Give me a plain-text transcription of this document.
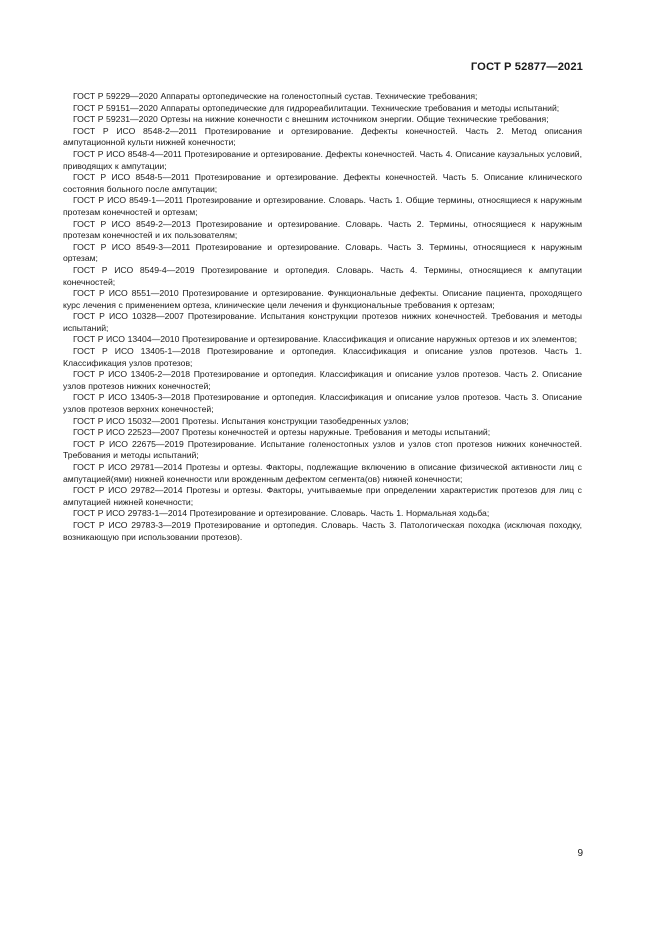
ГОСТ Р 52877—2021

ГОСТ Р 59229—2020 Аппараты ортопедические на голеностопный сустав. Технические требования;

ГОСТ Р 59151—2020 Аппараты ортопедические для гидрореабилитации. Технические требования и методы испытаний;

ГОСТ Р 59231—2020 Ортезы на нижние конечности с внешним источником энергии. Общие технические требования;

ГОСТ Р ИСО 8548-2—2011 Протезирование и ортезирование. Дефекты конечностей. Часть 2. Метод описания ампутационной культи нижней конечности;

ГОСТ Р ИСО 8548-4—2011 Протезирование и ортезирование. Дефекты конечностей. Часть 4. Описание каузальных условий, приводящих к ампутации;

ГОСТ Р ИСО 8548-5—2011 Протезирование и ортезирование. Дефекты конечностей. Часть 5. Описание клинического состояния больного после ампутации;

ГОСТ Р ИСО 8549-1—2011 Протезирование и ортезирование. Словарь. Часть 1. Общие термины, относящиеся к наружным протезам конечностей и ортезам;

ГОСТ Р ИСО 8549-2—2013 Протезирование и ортезирование. Словарь. Часть 2. Термины, относящиеся к наружным протезам конечностей и их пользователям;

ГОСТ Р ИСО 8549-3—2011 Протезирование и ортезирование. Словарь. Часть 3. Термины, относящиеся к наружным ортезам;

ГОСТ Р ИСО 8549-4—2019 Протезирование и ортопедия. Словарь. Часть 4. Термины, относящиеся к ампутации конечностей;

ГОСТ Р ИСО 8551—2010 Протезирование и ортезирование. Функциональные дефекты. Описание пациента, проходящего курс лечения с применением ортеза, клинические цели лечения и функциональные требования к ортезам;

ГОСТ Р ИСО 10328—2007 Протезирование. Испытания конструкции протезов нижних конечностей. Требования и методы испытаний;

ГОСТ Р ИСО 13404—2010 Протезирование и ортезирование. Классификация и описание наружных ортезов и их элементов;

ГОСТ Р ИСО 13405-1—2018 Протезирование и ортопедия. Классификация и описание узлов протезов. Часть 1. Классификация узлов протезов;

ГОСТ Р ИСО 13405-2—2018 Протезирование и ортопедия. Классификация и описание узлов протезов. Часть 2. Описание узлов протезов нижних конечностей;

ГОСТ Р ИСО 13405-3—2018 Протезирование и ортопедия. Классификация и описание узлов протезов. Часть 3. Описание узлов протезов верхних конечностей;

ГОСТ Р ИСО 15032—2001 Протезы. Испытания конструкции тазобедренных узлов;

ГОСТ Р ИСО 22523—2007 Протезы конечностей и ортезы наружные. Требования и методы испытаний;

ГОСТ Р ИСО 22675—2019 Протезирование. Испытание голеностопных узлов и узлов стоп протезов нижних конечностей. Требования и методы испытаний;

ГОСТ Р ИСО 29781—2014 Протезы и ортезы. Факторы, подлежащие включению в описание физической активности лиц с ампутацией(ями) нижней конечности или врожденным дефектом сегмента(ов) нижней конечности;

ГОСТ Р ИСО 29782—2014 Протезы и ортезы. Факторы, учитываемые при определении характеристик протезов для лиц с ампутацией нижней конечности;

ГОСТ Р ИСО 29783-1—2014 Протезирование и ортезирование. Словарь. Часть 1. Нормальная ходьба;

ГОСТ Р ИСО 29783-3—2019 Протезирование и ортопедия. Словарь. Часть 3. Патологическая походка (исключая походку, возникающую при использовании протезов).

9
